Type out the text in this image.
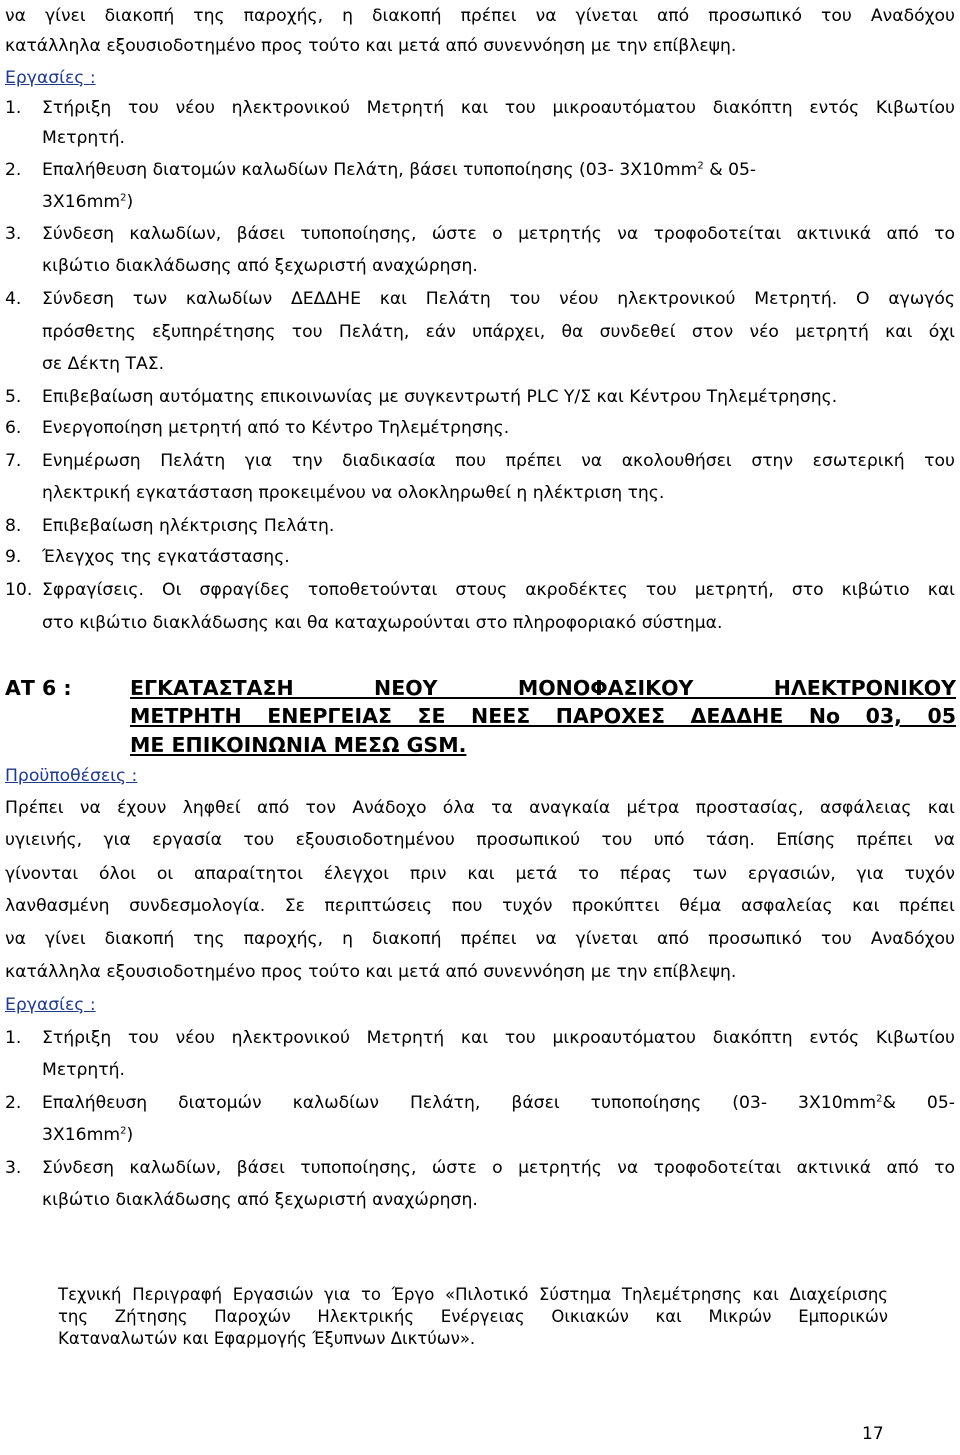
να γίνει διακοπή της παροχής, η διακοπή πρέπει να γίνεται από προσωπικό του Αναδόχου
κατάλληλα εξουσιοδοτημένο προς τούτο και μετά από συνεννόηση με την επίβλεψη.
Εργασίες :
1.	Στήριξη του νέου ηλεκτρονικού Μετρητή και του μικροαυτόματου διακόπτη εντός Κιβωτίου
Μετρητή.
2.	Επαλήθευση διατομών καλωδίων Πελάτη, βάσει τυποποίησης (03- $3X10mm^2$ & 05-
$3X16mm^2$)
3.	Σύνδεση καλωδίων, βάσει τυποποίησης, ώστε ο μετρητής να τροφοδοτείται ακτινικά από το
κιβώτιο διακλάδωσης από ξεχωριστή αναχώρηση.
4.	Σύνδεση των καλωδίων ΔΕΔΔΗΕ και Πελάτη του νέου ηλεκτρονικού Μετρητή. Ο αγωγός
πρόσθετης εξυπηρέτησης του Πελάτη, εάν υπάρχει, θα συνδεθεί στον νέο μετρητή και όχι
σε Δέκτη ΤΑΣ.
5.	Επιβεβαίωση αυτόματης επικοινωνίας με συγκεντρωτή PLC Υ/Σ και Κέντρου Τηλεμέτρησης.
6.	Ενεργοποίηση μετρητή από το Κέντρο Τηλεμέτρησης.
7.	Ενημέρωση Πελάτη για την διαδικασία που πρέπει να ακολουθήσει στην εσωτερική του
ηλεκτρική εγκατάσταση προκειμένου να ολοκληρωθεί η ηλέκτριση της.
8.	Επιβεβαίωση ηλέκτρισης Πελάτη.
9.	Έλεγχος της εγκατάστασης.
10. Σφραγίσεις. Οι σφραγίδες τοποθετούνται στους ακροδέκτες του μετρητή, στο κιβώτιο και
στο κιβώτιο διακλάδωσης και θα καταχωρούνται στο πληροφοριακό σύστημα.
ΑΤ 6 :	ΕΓΚΑΤΑΣΤΑΣΗ ΝΕΟΥ ΜΟΝΟΦΑΣΙΚΟΥ ΗΛΕΚΤΡΟΝΙΚΟΥ
ΜΕΤΡΗΤΗ ΕΝΕΡΓΕΙΑΣ ΣΕ ΝΕΕΣ ΠΑΡΟΧΕΣ ΔΕΔΔΗΕ Νο 03, 05
ΜΕ ΕΠΙΚΟΙΝΩΝΙΑ ΜΕΣΩ GSM.
Προϋποθέσεις :
Πρέπει να έχουν ληφθεί από τον Ανάδοχο όλα τα αναγκαία μέτρα προστασίας, ασφάλειας και
υγιεινής, για εργασία του εξουσιοδοτημένου προσωπικού του υπό τάση. Επίσης πρέπει να
γίνονται όλοι οι απαραίτητοι έλεγχοι πριν και μετά το πέρας των εργασιών, για τυχόν
λανθασμένη συνδεσμολογία. Σε περιπτώσεις που τυχόν προκύπτει θέμα ασφαλείας και πρέπει
να γίνει διακοπή της παροχής, η διακοπή πρέπει να γίνεται από προσωπικό του Αναδόχου
κατάλληλα εξουσιοδοτημένο προς τούτο και μετά από συνεννόηση με την επίβλεψη.
Εργασίες :
1.	Στήριξη του νέου ηλεκτρονικού Μετρητή και του μικροαυτόματου διακόπτη εντός Κιβωτίου
Μετρητή.
2.	Επαλήθευση διατομών καλωδίων Πελάτη, βάσει τυποποίησης (03- $3X10mm^2\&$ 05-
$3X16mm^2$)
3.	Σύνδεση καλωδίων, βάσει τυποποίησης, ώστε ο μετρητής να τροφοδοτείται ακτινικά από το
κιβώτιο διακλάδωσης από ξεχωριστή αναχώρηση.
Τεχνική Περιγραφή Εργασιών για το Έργο «Πιλοτικό Σύστημα Τηλεμέτρησης και Διαχείρισης
της Ζήτησης Παροχών Ηλεκτρικής Ενέργειας Οικιακών και Μικρών Εμπορικών
Καταναλωτών και Εφαρμογής Έξυπνων Δικτύων».
17
